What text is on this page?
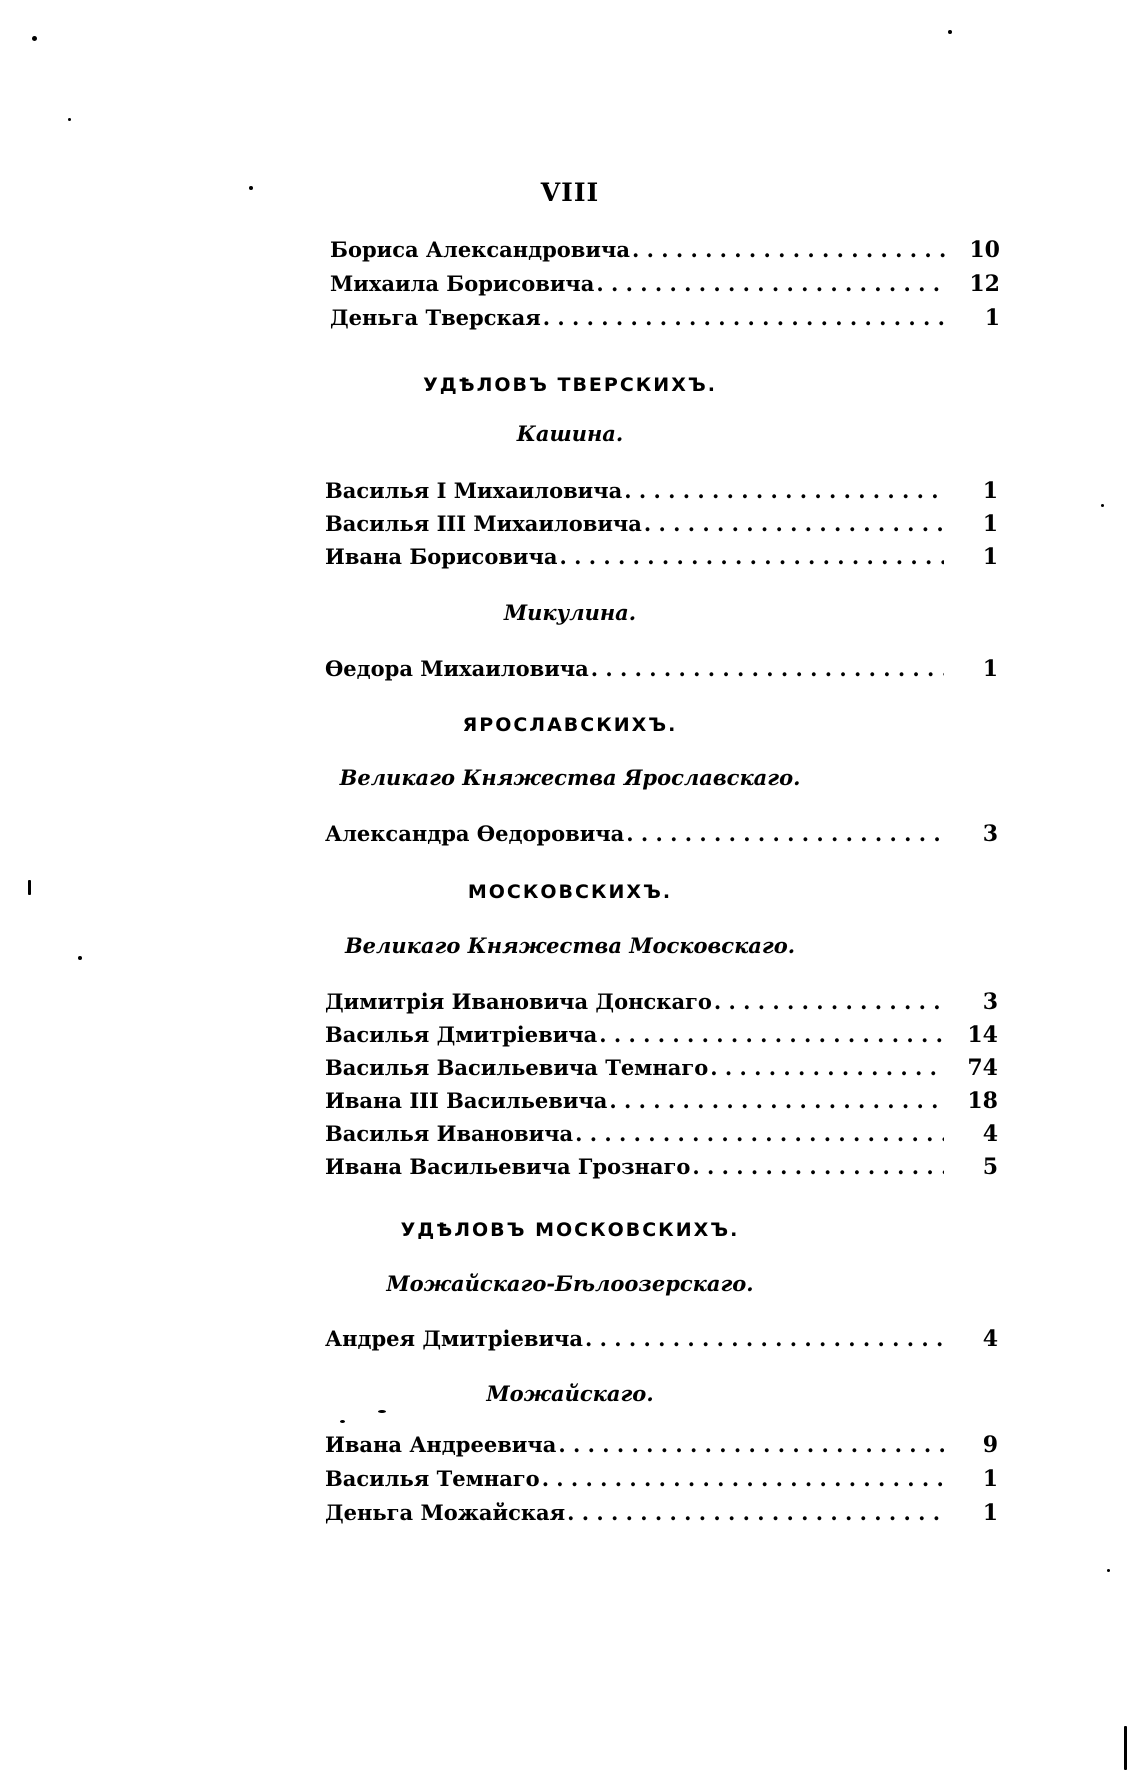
VIII
Бориса Александровича . . .	10
Михаила Борисовича . . .	12
Деньга Тверская . . .	1
УДѢЛОВЪ ТВЕРСКИХЪ.
Кашина.
Василья I Михаиловича . . .	1
Василья III Михаиловича . . .	1
Ивана Борисовича . . .	1
Микулина.
Өедора Михаиловича . . .	1
ЯРОСЛАВСКИХЪ.
Великаго Княжества Ярославскаго.
Александра Өедоровича . . .	3
МОСКОВСКИХЪ.
Великаго Княжества Московскаго.
Димитрія Ивановича Донскаго . . .	3
Василья Дмитріевича . . .	14
Василья Васильевича Темнаго . . .	74
Ивана III Васильевича . . .	18
Василья Ивановича . . .	4
Ивана Васильевича Грознаго . . .	5
УДѢЛОВЪ МОСКОВСКИХЪ.
Можайскаго-Бѣлоозерскаго.
Андрея Дмитріевича . . .	4
Можайскаго.
Ивана Андреевича . . .	9
Василья Темнаго . . .	1
Деньга Можайская . . .	1
